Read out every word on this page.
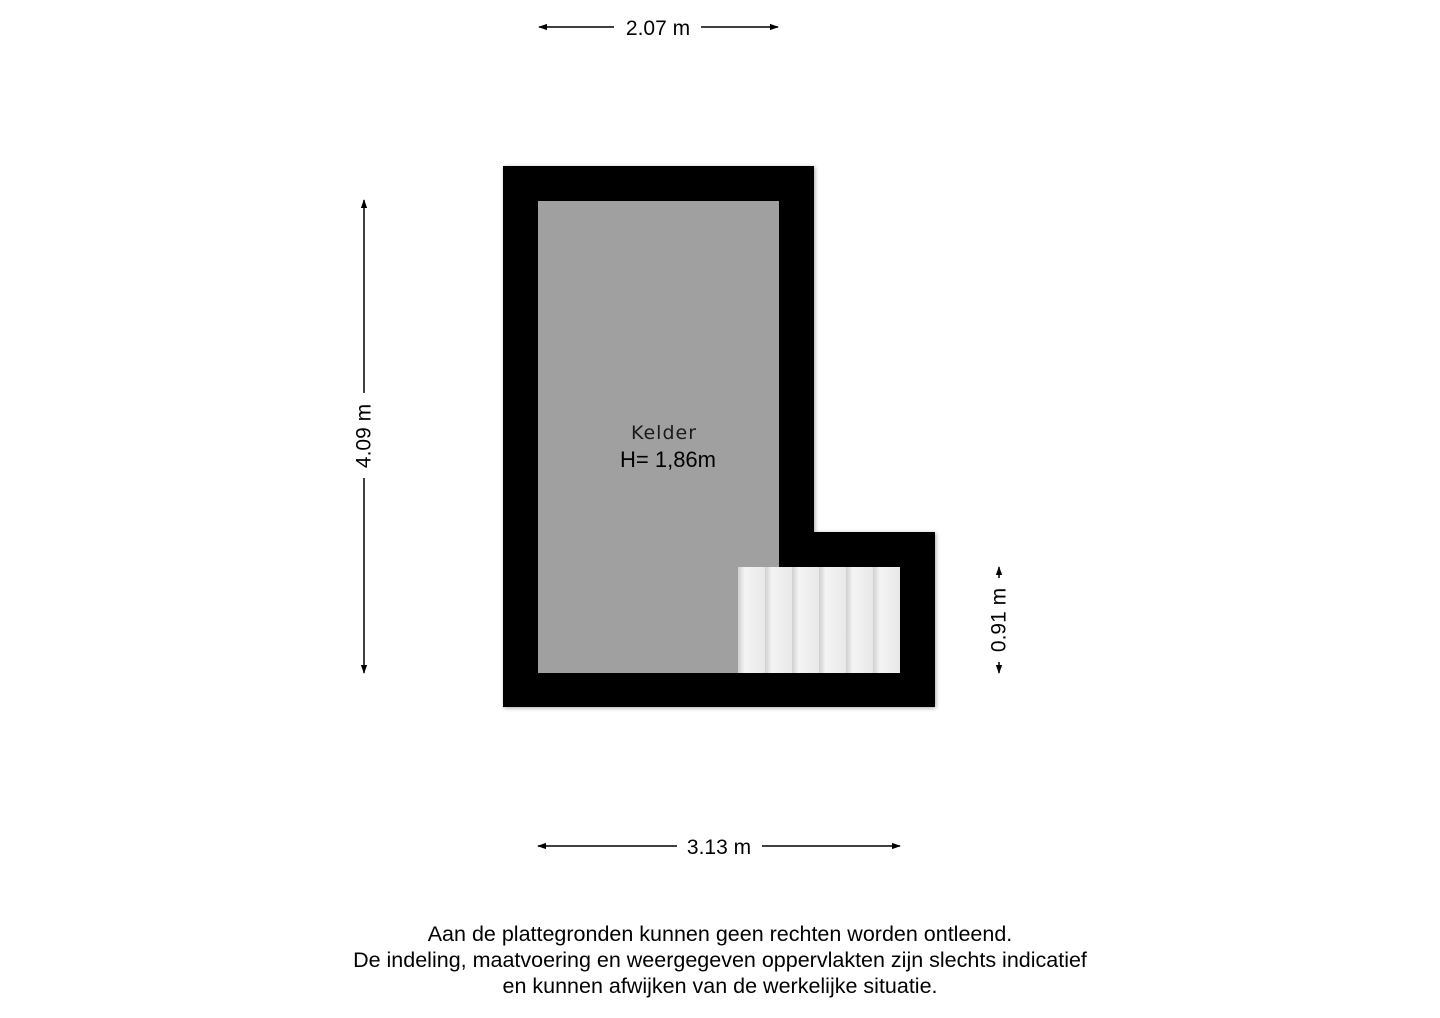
Kelder
H= 1,86m
2.07 m
3.13 m
4.09 m
0.91 m
Aan de plattegronden kunnen geen rechten worden ontleend.
De indeling, maatvoering en weergegeven oppervlakten zijn slechts indicatief
en kunnen afwijken van de werkelijke situatie.
